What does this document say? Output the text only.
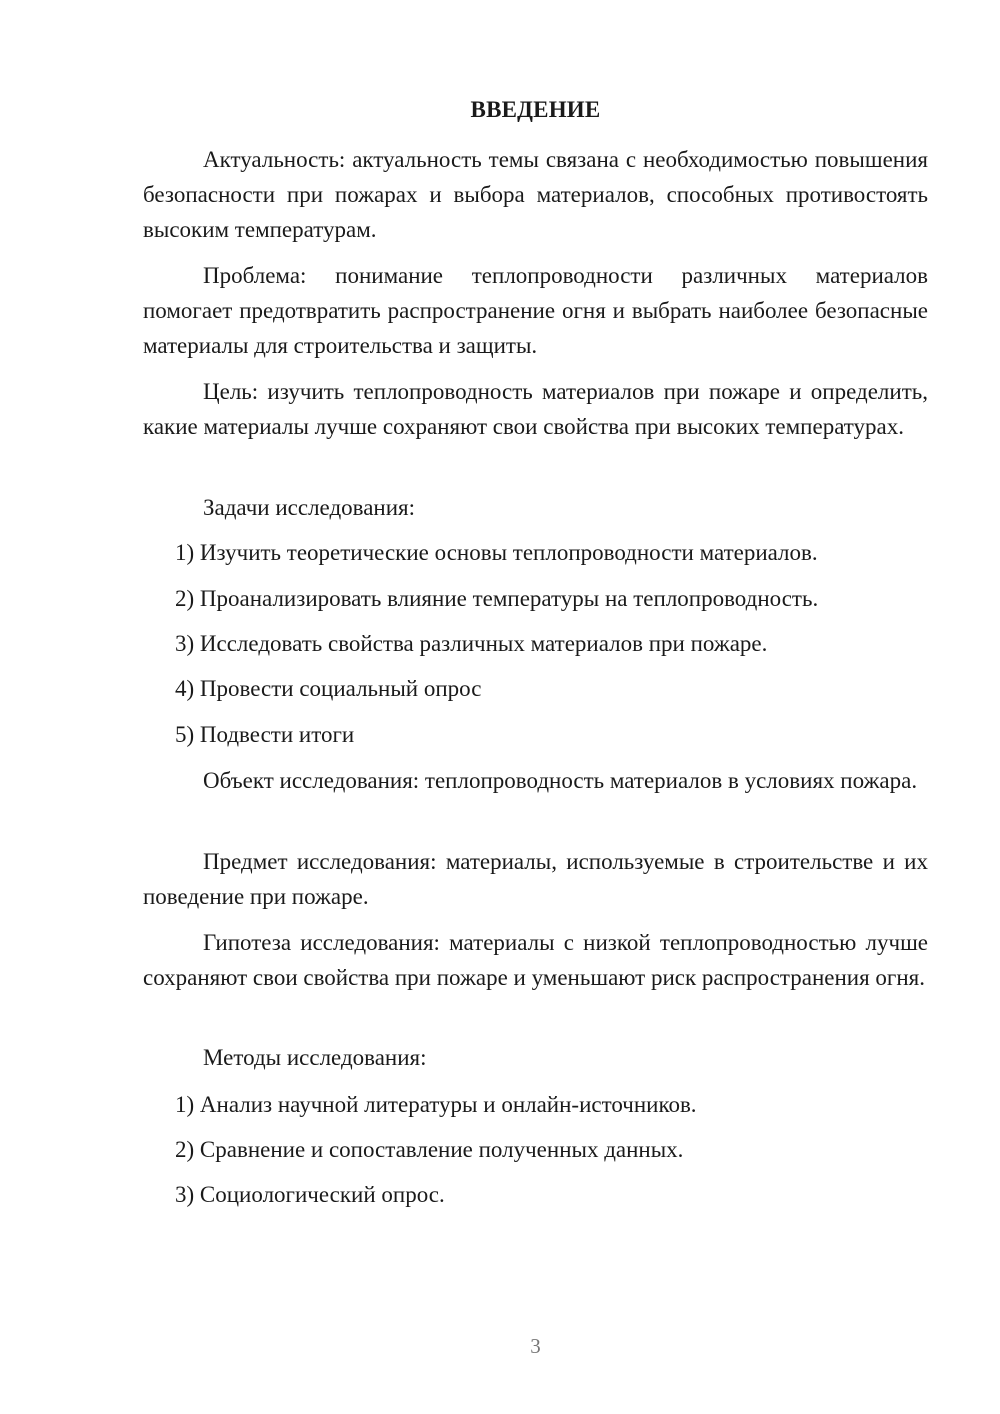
ВВЕДЕНИЕ

Актуальность: актуальность темы связана с необходимостью повышения безопасности при пожарах и выбора материалов, способных противостоять высоким температурам.

Проблема: понимание теплопроводности различных материалов помогает предотвратить распространение огня и выбрать наиболее безопасные материалы для строительства и защиты.

Цель: изучить теплопроводность материалов при пожаре и определить, какие материалы лучше сохраняют свои свойства при высоких температурах.

Задачи исследования:

1) Изучить теоретические основы теплопроводности материалов.

2) Проанализировать влияние температуры на теплопроводность.

3) Исследовать свойства различных материалов при пожаре.

4) Провести социальный опрос

5) Подвести итоги

Объект исследования: теплопроводность материалов в условиях пожара.

Предмет исследования: материалы, используемые в строительстве и их поведение при пожаре.

Гипотеза исследования: материалы с низкой теплопроводностью лучше сохраняют свои свойства при пожаре и уменьшают риск распространения огня.

Методы исследования:

1) Анализ научной литературы и онлайн-источников.

2) Сравнение и сопоставление полученных данных.

3) Социологический опрос.

3
